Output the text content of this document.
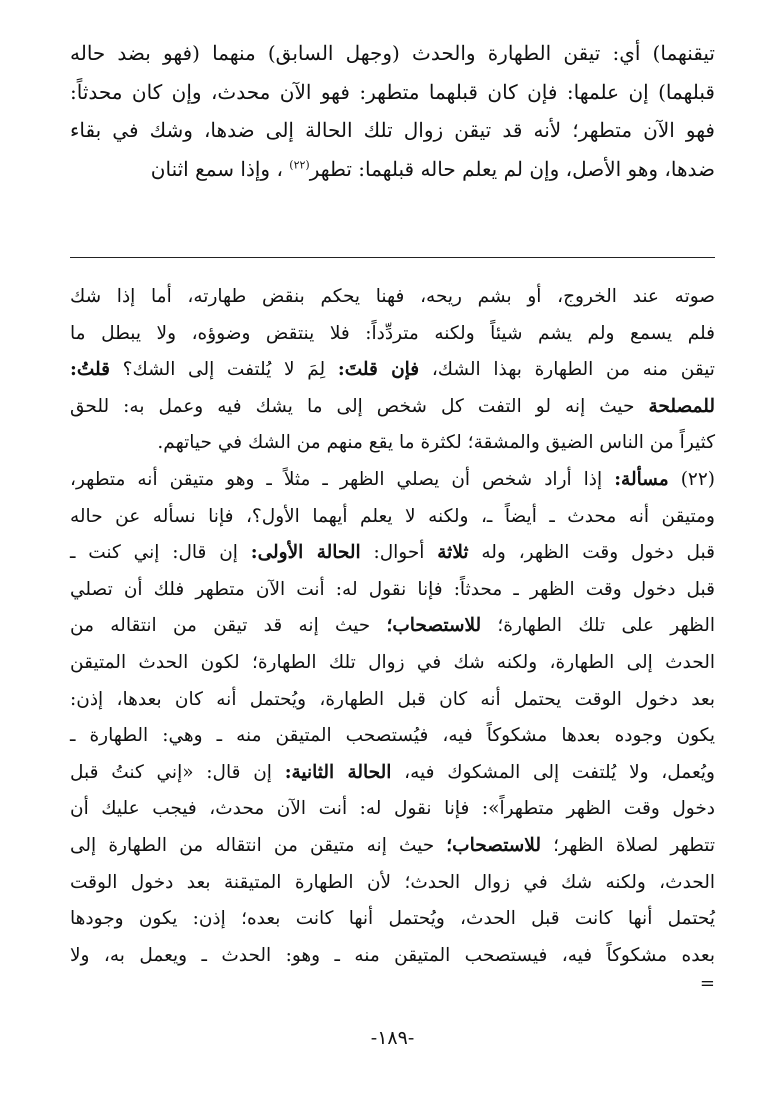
تيقنهما) أي: تيقن الطهارة والحدث (وجهل السابق) منهما (فهو بضد حاله
قبلهما) إن علمها: فإن كان قبلهما متطهر: فهو الآن محدث، وإن كان محدثاً:
فهو الآن متطهر؛ لأنه قد تيقن زوال تلك الحالة إلى ضدها، وشك في بقاء
ضدها، وهو الأصل، وإن لم يعلم حاله قبلهما: تطهر$^{(٢٢)}$ ، وإذا سمع اثنان
صوته عند الخروج، أو بشم ريحه، فهنا يحكم بنقض طهارته، أما إذا شك
فلم يسمع ولم يشم شيئاً ولكنه متردِّداً: فلا ينتقض وضوؤه، ولا يبطل ما
تيقن منه من الطهارة بهذا الشك، فإن قلتَ: لِمَ لا يُلتفت إلى الشك؟ قلتُ:
للمصلحة حيث إنه لو التفت كل شخص إلى ما يشك فيه وعمل به: للحق
كثيراً من الناس الضيق والمشقة؛ لكثرة ما يقع منهم من الشك في حياتهم.
(٢٢) مسألة: إذا أراد شخص أن يصلي الظهر ـ مثلاً ـ وهو متيقن أنه متطهر،
ومتيقن أنه محدث ـ أيضاً ـ، ولكنه لا يعلم أيهما الأول؟، فإنا نسأله عن حاله
قبل دخول وقت الظهر، وله ثلاثة أحوال: الحالة الأولى: إن قال: إني كنت ـ
قبل دخول وقت الظهر ـ محدثاً: فإنا نقول له: أنت الآن متطهر فلك أن تصلي
الظهر على تلك الطهارة؛ للاستصحاب؛ حيث إنه قد تيقن من انتقاله من
الحدث إلى الطهارة، ولكنه شك في زوال تلك الطهارة؛ لكون الحدث المتيقن
بعد دخول الوقت يحتمل أنه كان قبل الطهارة، ويُحتمل أنه كان بعدها، إذن:
يكون وجوده بعدها مشكوكاً فيه، فيُستصحب المتيقن منه ـ وهي: الطهارة ـ
ويُعمل، ولا يُلتفت إلى المشكوك فيه، الحالة الثانية: إن قال: «إني كنتُ قبل
دخول وقت الظهر متطهراً»: فإنا نقول له: أنت الآن محدث، فيجب عليك أن
تتطهر لصلاة الظهر؛ للاستصحاب؛ حيث إنه متيقن من انتقاله من الطهارة إلى
الحدث، ولكنه شك في زوال الحدث؛ لأن الطهارة المتيقنة بعد دخول الوقت
يُحتمل أنها كانت قبل الحدث، ويُحتمل أنها كانت بعده؛ إذن: يكون وجودها
بعده مشكوكاً فيه، فيستصحب المتيقن منه ـ وهو: الحدث ـ ويعمل به، ولا
=
-١٨٩-
